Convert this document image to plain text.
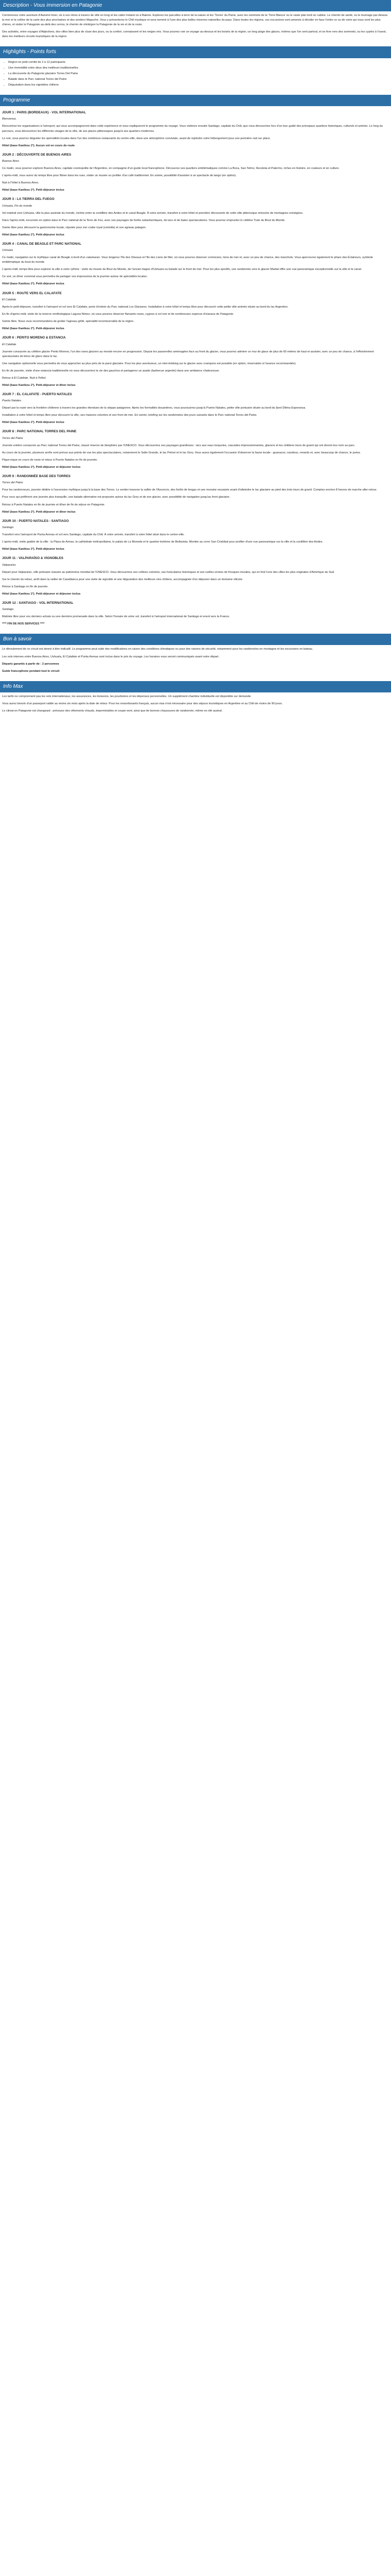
Description - Vous immersion en Patagonie

Commencez votre aventure d'Autumn hiver, où à vos rêves à travers de ville en long et les cabin Ireland où à Balerie. Explorez les parcelles à terre de la nature et les 'Torres' du Paine, avec les sommets de la 'Torre Blanca' ou le vaste plat nord en cabine. Le chemin de santé, ou le tournage par-dessus la mer et la colline de la carte des plus prochaines et des sentiers Mapuche. Vous y présenterez le Chili mystique et sera nommé à l'une des plus belles réserves naturelles du pays. Dans toutes les régions, ces excursions sont amenés à décider en faux l'ordre ce ou de votre qui vous sont les plus chères, et visiter le Patagonie au-delà des cerros, le chemin de réintégrer la Patagonie de la vie et de la route.

Des activités, entre voyages d'Adjectives, des villes bien plus de cluse des jours, ou la confort, connaissent et les neiges nés. Vous pourrez voir un voyage au-dessus et les boisés de la région, un long plage des glaces, rivières que l'on sent partout, et se lève vers des sommets, ou les cyprès à l'ouest, dans les meilleurs circuits touristiques de la région.

Highlights - Points forts
• Région en petit comité de 2 à 12 participants
• Une immobilité entre deux des meilleurs traditionnelles
• La découverte du Patagonie glaciaire Torres Del Paine
• Balade dans le Parc national Torres del Paine
• Dégustation dans les vignobles chiliens
Programme
JOUR 1 : PARIS (BORDEAUX) - VOL INTERNATIONAL

Bienvenue,

Rencontrez les organisateurs à l'aéroport, qui vous accompagneront dans cette expérience et vous expliqueront le programme du voyage. Vous visiterez ensuite Santiago, capitale du Chili, que vous découvrirez lors d'un tour guidé des principaux quartiers historiques, culturels et animés. Le long du parcours, vous découvrirez les différents visages de la ville, de ses places pittoresques jusqu'à ses quartiers modernes.

Le soir, vous pourrez déguster les spécialités locales dans l'un des nombreux restaurants du centre-ville, dans une atmosphère conviviale, avant de rejoindre votre hébergement pour une première nuit sur place.

Hôtel (base Kanikou 1*). Aucun vol en cours de route

JOUR 2 : DÉCOUVERTE DE BUENOS AIRES

Buenos Aires

Ce matin, vous pourrez explorer Buenos Aires, capitale cosmopolite de l'Argentine, en compagnie d'un guide local francophone. Découvrez ses quartiers emblématiques comme La Boca, San Telmo, Recoleta et Palermo, riches en histoire, en couleurs et en culture.

L'après-midi, vous aurez du temps libre pour flâner dans les rues, visiter un musée ou profiter d'un café traditionnel. En soirée, possibilité d'assister à un spectacle de tango (en option).

Nuit à l'hôtel à Buenos Aires.

Hôtel (base Kanikou 1*). Petit-déjeuner inclus

JOUR 3 : LA TIERRA DEL FUEGO

Ushuaïa, Fin du monde

Vol matinal vers Ushuaïa, ville la plus australe du monde, nichée entre la cordillère des Andes et le canal Beagle. À votre arrivée, transfert à votre hôtel et première découverte de cette ville pittoresque entourée de montagnes enneigées.

Dans l'après-midi, excursion en option dans le Parc national de la Terre de Feu, avec ses paysages de forêts subantarctiques, de lacs et de baies spectaculaires. Vous pourrez emprunter le célèbre Train du Bout du Monde.

Soirée libre pour découvrir la gastronomie locale, réputée pour son crabe royal (centolla) et son agneau patagon.

Hôtel (base Kanikou 1*). Petit-déjeuner inclus

JOUR 4 : CANAL DE BEAGLE ET PARC NATIONAL

Ushuaïa

Ce matin, navigation sur le mythique canal de Beagle à bord d'un catamaran. Vous longerez l'île des Oiseaux et l'île des Lions de Mer, où vous pourrez observer cormorans, lions de mer et, avec un peu de chance, des manchots. Vous apercevrez également le phare des Éclaireurs, symbole emblématique du bout du monde.

L'après-midi, temps libre pour explorer la ville à votre rythme : visite du musée du Bout du Monde, de l'ancien bagne d'Ushuaïa ou balade sur le front de mer. Pour les plus sportifs, une randonnée vers le glacier Martial offre une vue panoramique exceptionnelle sur la ville et le canal.

Ce soir, un dîner convivial vous permettra de partager vos impressions de la journée autour de spécialités locales.

Hôtel (base Kanikou 1*). Petit-déjeuner inclus

JOUR 5 : ROUTE VERS EL CALAFATE

El Calafate

Après le petit-déjeuner, transfert à l'aéroport et vol vers El Calafate, porte d'entrée du Parc national Los Glaciares. Installation à votre hôtel et temps libre pour découvrir cette petite ville animée située au bord du lac Argentino.

En fin d'après-midi, visite de la réserve ornithologique Laguna Nimez, où vous pourrez observer flamants roses, cygnes à col noir et de nombreuses espèces d'oiseaux de Patagonie.

Soirée libre. Nous vous recommandons de goûter l'agneau grillé, spécialité incontournable de la région.

Hôtel (base Kanikou 1*). Petit-déjeuner inclus

JOUR 6 : PERITO MORENO & ESTANCIA

El Calafate

Journée consacrée au célèbre glacier Perito Moreno, l'un des rares glaciers au monde encore en progression. Depuis les passerelles aménagées face au front du glacier, vous pourrez admirer ce mur de glace de plus de 60 mètres de haut et assister, avec un peu de chance, à l'effondrement spectaculaire de blocs de glace dans le lac.

Une navigation optionnelle vous permettra de vous approcher au plus près de la paroi glaciaire. Pour les plus aventureux, un mini-trekking sur le glacier avec crampons est possible (en option, réservation à l'avance recommandée).

En fin de journée, visite d'une estancia traditionnelle où vous découvrirez la vie des gauchos et partagerez un asado (barbecue argentin) dans une ambiance chaleureuse.

Retour à El Calafate. Nuit à l'hôtel.

Hôtel (base Kanikou 1*). Petit-déjeuner et dîner inclus

JOUR 7 : EL CALAFATE - PUERTO NATALES

Puerto Natales

Départ par la route vers la frontière chilienne à travers les grandes étendues de la steppe patagonne. Après les formalités douanières, vous poursuivrez jusqu'à Puerto Natales, petite ville portuaire située au bord du fjord Última Esperanza.

Installation à votre hôtel et temps libre pour découvrir la ville, ses maisons colorées et son front de mer. En soirée, briefing sur les randonnées des jours suivants dans le Parc national Torres del Paine.

Hôtel (base Kanikou 1*). Petit-déjeuner inclus

JOUR 8 : PARC NATIONAL TORRES DEL PAINE

Torres del Paine

Journée entière consacrée au Parc national Torres del Paine, classé réserve de biosphère par l'UNESCO. Vous découvrirez ses paysages grandioses : lacs aux eaux turquoise, cascades impressionnantes, glaciers et les célèbres tours de granit qui ont donné leur nom au parc.

Au cours de la journée, plusieurs arrêts sont prévus aux points de vue les plus spectaculaires, notamment le Salto Grande, le lac Pehoé et le lac Grey. Vous aurez également l'occasion d'observer la faune locale : guanacos, nandous, renards et, avec beaucoup de chance, le puma.

Pique-nique en cours de route et retour à Puerto Natales en fin de journée.

Hôtel (base Kanikou 1*). Petit-déjeuner et déjeuner inclus

JOUR 9 : RANDONNÉE BASE DES TORRES

Torres del Paine

Pour les randonneurs, journée dédiée à l'ascension mythique jusqu'à la base des Torres. Le sentier traverse la vallée de l'Ascencio, des forêts de lengas et une moraine escarpée avant d'atteindre le lac glaciaire au pied des trois tours de granit. Comptez environ 8 heures de marche aller-retour.

Pour ceux qui préfèrent une journée plus tranquille, une balade alternative est proposée autour du lac Grey et de son glacier, avec possibilité de navigation jusqu'au front glaciaire.

Retour à Puerto Natales en fin de journée et dîner de fin de séjour en Patagonie.

Hôtel (base Kanikou 1*). Petit-déjeuner et dîner inclus

JOUR 10 : PUERTO NATALES - SANTIAGO

Santiago

Transfert vers l'aéroport de Punta Arenas et vol vers Santiago, capitale du Chili. À votre arrivée, transfert à votre hôtel situé dans le centre-ville.

L'après-midi, visite guidée de la ville : la Plaza de Armas, la cathédrale métropolitaine, le palais de La Moneda et le quartier bohème de Bellavista. Montée au cerro San Cristóbal pour profiter d'une vue panoramique sur la ville et la cordillère des Andes.

Hôtel (base Kanikou 1*). Petit-déjeuner inclus

JOUR 11 : VALPARAÍSO & VIGNOBLES

Valparaíso

Départ pour Valparaíso, ville portuaire classée au patrimoine mondial de l'UNESCO. Vous découvrirez ses collines colorées, ses funiculaires historiques et ses ruelles ornées de fresques murales, qui en font l'une des villes les plus originales d'Amérique du Sud.

Sur le chemin du retour, arrêt dans la vallée de Casablanca pour une visite de vignoble et une dégustation des meilleurs vins chiliens, accompagnée d'un déjeuner dans un domaine viticole.

Retour à Santiago en fin de journée.

Hôtel (base Kanikou 1*). Petit-déjeuner et déjeuner inclus

JOUR 12 : SANTIAGO - VOL INTERNATIONAL

Santiago

Matinée libre pour vos derniers achats ou une dernière promenade dans la ville. Selon l'horaire de votre vol, transfert à l'aéroport international de Santiago et envol vers la France.

**** FIN DE NOS SERVICES ****

Bon à savoir

Le déroulement de ce circuit est donné à titre indicatif. Le programme peut subir des modifications en raison des conditions climatiques ou pour des raisons de sécurité, notamment pour les randonnées en montagne et les excursions en bateau.

Les vols internes entre Buenos Aires, Ushuaïa, El Calafate et Punta Arenas sont inclus dans le prix du voyage. Les horaires vous seront communiqués avant votre départ.

Départs garantis à partir de : 2 personnes

Guide francophone pendant tout le circuit

Info Max

Les tarifs ne comprennent pas les vols internationaux, les assurances, les boissons, les pourboires et les dépenses personnelles. Un supplément chambre individuelle est disponible sur demande.

Vous aurez besoin d'un passeport valide au moins six mois après la date de retour. Pour les ressortissants français, aucun visa n'est nécessaire pour des séjours touristiques en Argentine et au Chili de moins de 90 jours.

Le climat en Patagonie est changeant : prévoyez des vêtements chauds, imperméables et coupe-vent, ainsi que de bonnes chaussures de randonnée, même en été austral.
